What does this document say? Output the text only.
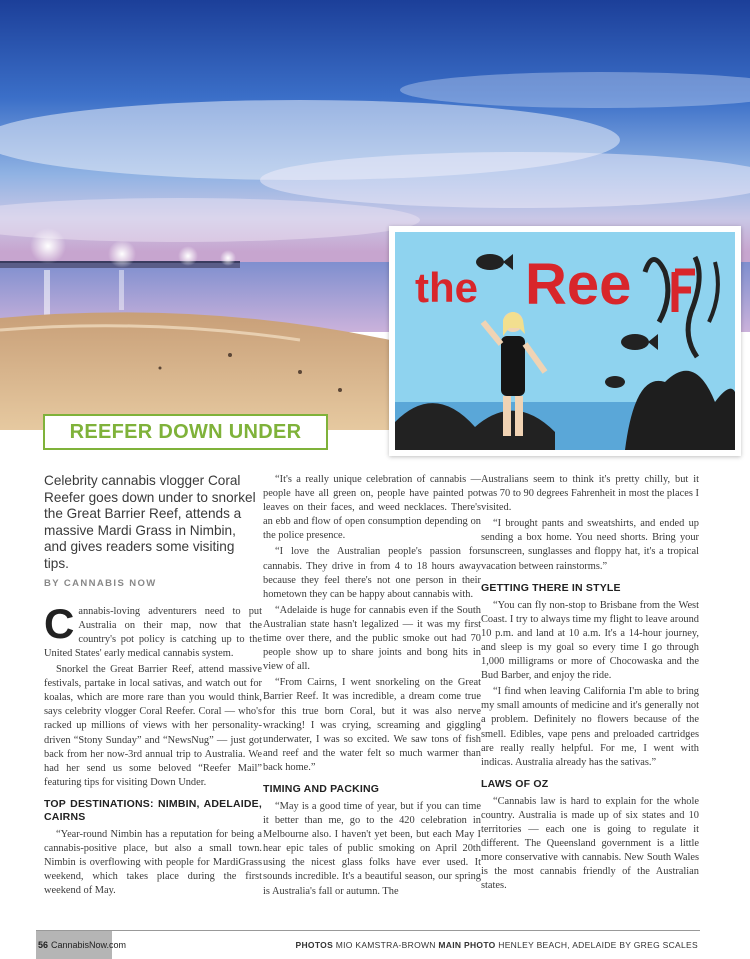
the Ree
REEFER DOWN UNDER

Celebrity cannabis vlogger Coral Reefer goes down under to snorkel the Great Barrier Reef, attends a massive Mardi Grass in Nimbin, and gives readers some visiting tips.

BY CANNABIS NOW

Cannabis-loving adventurers need to put Australia on their map, now that the country's pot policy is catching up to the United States' early medical cannabis system.

Snorkel the Great Barrier Reef, attend massive festivals, partake in local sativas, and watch out for koalas, which are more rare than you would think, says celebrity vlogger Coral Reefer. Coral — who's racked up millions of views with her personality-driven “Stony Sunday” and “NewsNug” — just got back from her now-3rd annual trip to Australia. We had her send us some beloved “Reefer Mail” featuring tips for visiting Down Under.

TOP DESTINATIONS: NIMBIN, ADELAIDE, CAIRNS

“Year-round Nimbin has a reputation for being a cannabis-positive place, but also a small town. Nimbin is overflowing with people for MardiGrass weekend, which takes place during the first weekend of May.

“It's a really unique celebration of cannabis — people have all green on, people have painted pot leaves on their faces, and weed necklaces. There's an ebb and flow of open consumption depending on the police presence.

“I love the Australian people's passion for cannabis. They drive in from 4 to 18 hours away because they feel there's not one person in their hometown they can be happy about cannabis with.

“Adelaide is huge for cannabis even if the South Australian state hasn't legalized — it was my first time over there, and the public smoke out had 70 people show up to share joints and bong hits in view of all.

“From Cairns, I went snorkeling on the Great Barrier Reef. It was incredible, a dream come true for this true born Coral, but it was also nerve wracking! I was crying, screaming and giggling underwater, I was so excited. We saw tons of fish and reef and the water felt so much warmer than back home.”

TIMING AND PACKING

“May is a good time of year, but if you can time it better than me, go to the 420 celebration in Melbourne also. I haven't yet been, but each May I hear epic tales of public smoking on April 20th using the nicest glass folks have ever used. It sounds incredible. It's a beautiful season, our spring is Australia's fall or autumn. The

Australians seem to think it's pretty chilly, but it was 70 to 90 degrees Fahrenheit in most the places I visited.

“I brought pants and sweatshirts, and ended up sending a box home. You need shorts. Bring your sunscreen, sunglasses and floppy hat, it's a tropical vacation between rainstorms.”

GETTING THERE IN STYLE

“You can fly non-stop to Brisbane from the West Coast. I try to always time my flight to leave around 10 p.m. and land at 10 a.m. It's a 14-hour journey, and sleep is my goal so every time I go through 1,000 milligrams or more of Chocowaska and the Bud Barber, and enjoy the ride.

“I find when leaving California I'm able to bring my small amounts of medicine and it's generally not a problem. Definitely no flowers because of the smell. Edibles, vape pens and preloaded cartridges are really really helpful. For me, I went with indicas. Australia already has the sativas.”

LAWS OF OZ

“Cannabis law is hard to explain for the whole country. Australia is made up of six states and 10 territories — each one is going to regulate it different. The Queensland government is a little more conservative with cannabis. New South Wales is the most cannabis friendly of the Australian states.

56 CannabisNow.com	PHOTOS MIO KAMSTRA-BROWN MAIN PHOTO HENLEY BEACH, ADELAIDE BY GREG SCALES
